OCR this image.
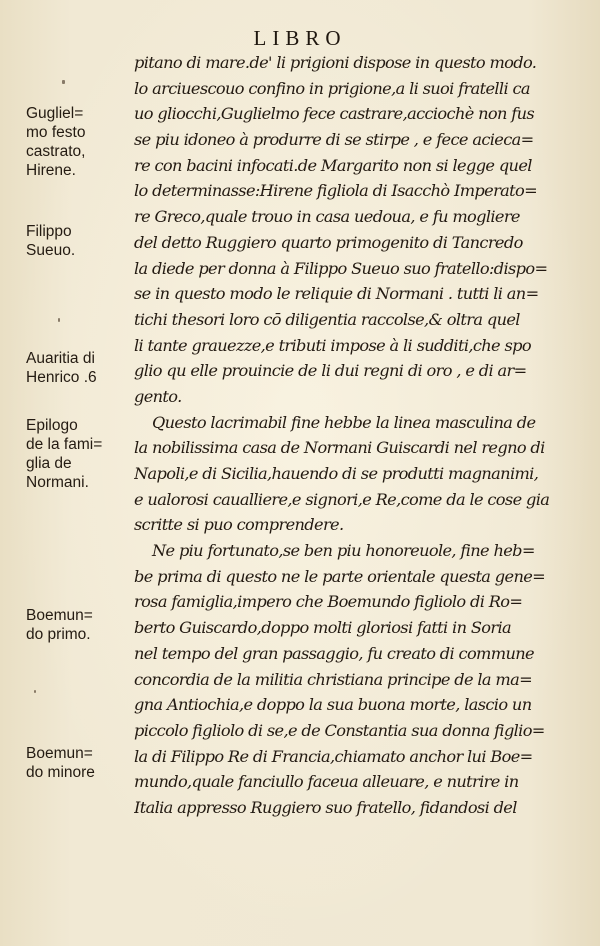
LIBRO
pitano di mare.de' li prigioni dispose in questo modo.
lo arciuescouo confino in prigione,a li suoi fratelli ca
uo gliocchi,Guglielmo fece castrare,acciochè non fus
se piu idoneo à produrre di se stirpe , e fece acieca=
re con bacini infocati.de Margarito non si legge quel
lo determinasse:Hirene figliola di Isacchò Imperato=
re Greco,quale trouo in casa uedoua, e fu mogliere
del detto Ruggiero quarto primogenito di Tancredo
la diede per donna à Filippo Sueuo suo fratello:dispo=
se in questo modo le reliquie di Normani . tutti li an=
tichi thesori loro cō diligentia raccolse,& oltra quel
li tante grauezze,e tributi impose à li sudditi,che spo
glio qu elle prouincie de li dui regni di oro , e di ar=
gento.
Questo lacrimabil fine hebbe la linea masculina de
la nobilissima casa de Normani Guiscardi nel regno di
Napoli,e di Sicilia,hauendo di se produtti magnanimi,
e ualorosi caualliere,e signori,e Re,come da le cose gia
scritte si puo comprendere.
Ne piu fortunato,se ben piu honoreuole, fine heb=
be prima di questo ne le parte orientale questa gene=
rosa famiglia,impero che Boemundo figliolo di Ro=
berto Guiscardo,doppo molti gloriosi fatti in Soria
nel tempo del gran passaggio, fu creato di commune
concordia de la militia christiana principe de la ma=
gna Antiochia,e doppo la sua buona morte, lascio un
piccolo figliolo di se,e de Constantia sua donna figlio=
la di Filippo Re di Francia,chiamato anchor lui Boe=
mundo,quale fanciullo faceua alleuare, e nutrire in
Italia appresso Ruggiero suo fratello, fidandosi del
Gugliel=
mo festo
castrato,
Hirene.
Filippo
Sueuo.
Auaritia di
Henrico .6
Epilogo
de la fami=
glia de
Normani.
Boemun=
do primo.
Boemun=
do minore
